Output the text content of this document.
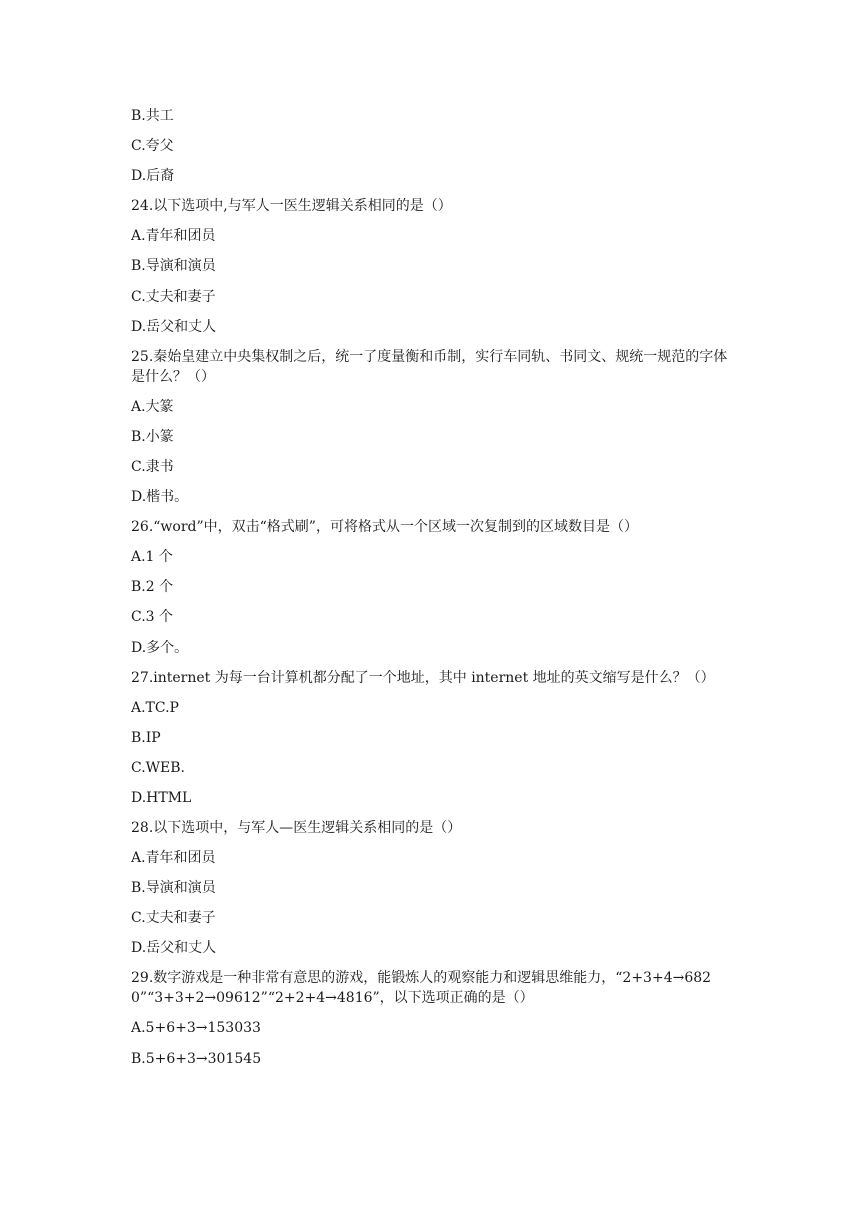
B.共工
C.夸父
D.后裔
24.以下选项中,与军人一医生逻辑关系相同的是（）
A.青年和团员
B.导演和演员
C.丈夫和妻子
D.岳父和丈人
25.秦始皇建立中央集权制之后，统一了度量衡和币制，实行车同轨、书同文、规统一规范的字体是什么？（）
A.大篆
B.小篆
C.隶书
D.楷书。
26.“word”中，双击“格式刷”，可将格式从一个区域一次复制到的区域数目是（）
A.1 个
B.2 个
C.3 个
D.多个。
27.internet 为每一台计算机都分配了一个地址，其中 internet 地址的英文缩写是什么？（）
A.TC.P
B.IP
C.WEB.
D.HTML
28.以下选项中，与军人—医生逻辑关系相同的是（）
A.青年和团员
B.导演和演员
C.丈夫和妻子
D.岳父和丈人
29.数字游戏是一种非常有意思的游戏，能锻炼人的观察能力和逻辑思维能力，“2+3+4→6820”“3+3+2→09612”“2+2+4→4816”，以下选项正确的是（）
A.5+6+3→153033
B.5+6+3→301545
